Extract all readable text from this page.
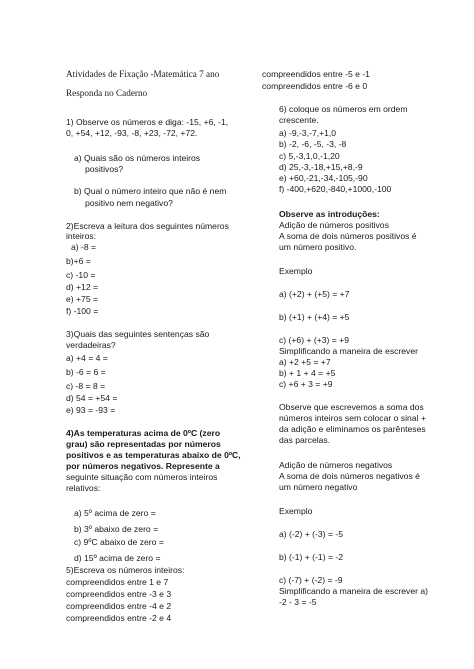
Atividades de Fixação -Matemática 7 ano
Responda no Caderno
1) Observe os números e diga: -15, +6, -1,
0, +54, +12, -93, -8, +23, -72, +72.
a) Quais são os números inteiros
positivos?
b) Qual o número inteiro que não é nem
positivo nem negativo?
2)Escreva a leitura dos seguintes números
inteiros:
a) -8 =
b)+6 =
c) -10 =
d) +12 =
e) +75 =
f) -100 =
3)Quais das seguintes sentenças são
verdadeiras?
a) +4 = 4 =
b) -6 = 6 =
c) -8 = 8 =
d) 54 = +54 =
e) 93 = -93 =
4)As temperaturas acima de 0ºC (zero
grau) são representadas por números
positivos e as temperaturas abaixo de 0ºC,
por números negativos. Represente a
seguinte situação com números inteiros
relativos:
a) 5º acima de zero =
b) 3º abaixo de zero =
c) 9ºC abaixo de zero =
d) 15º acima de zero =
5)Escreva os números inteiros:
compreendidos entre 1 e 7
compreendidos entre -3 e 3
compreendidos entre -4 e 2
compreendidos entre -2 e 4
compreendidos entre -5 e -1
compreendidos entre -6 e 0
6) coloque os números em ordem
crescente.
a) -9,-3,-7,+1,0
b) -2, -6, -5, -3, -8
c) 5,-3,1,0,-1,20
d) 25,-3,-18,+15,+8,-9
e) +60,-21,-34,-105,-90
f) -400,+620,-840,+1000,-100
Observe as introduções:
Adição de números positivos
A soma de dois números positivos é
um número positivo.
Exemplo
a) (+2) + (+5) = +7
b) (+1) + (+4) = +5
c) (+6) + (+3) = +9
Simplificando a maneira de escrever
a) +2 +5 = +7
b) + 1 + 4 = +5
c) +6 + 3 = +9
Observe que escrevemos a soma dos
números inteiros sem colocar o sinal +
da adição e eliminamos os parênteses
das parcelas.
Adição de números negativos
A soma de dois números negativos é
um número negativo
Exemplo
a) (-2) + (-3) = -5
b) (-1) + (-1) = -2
c) (-7) + (-2) = -9
Simplificando a maneira de escrever a)
-2 - 3 = -5
